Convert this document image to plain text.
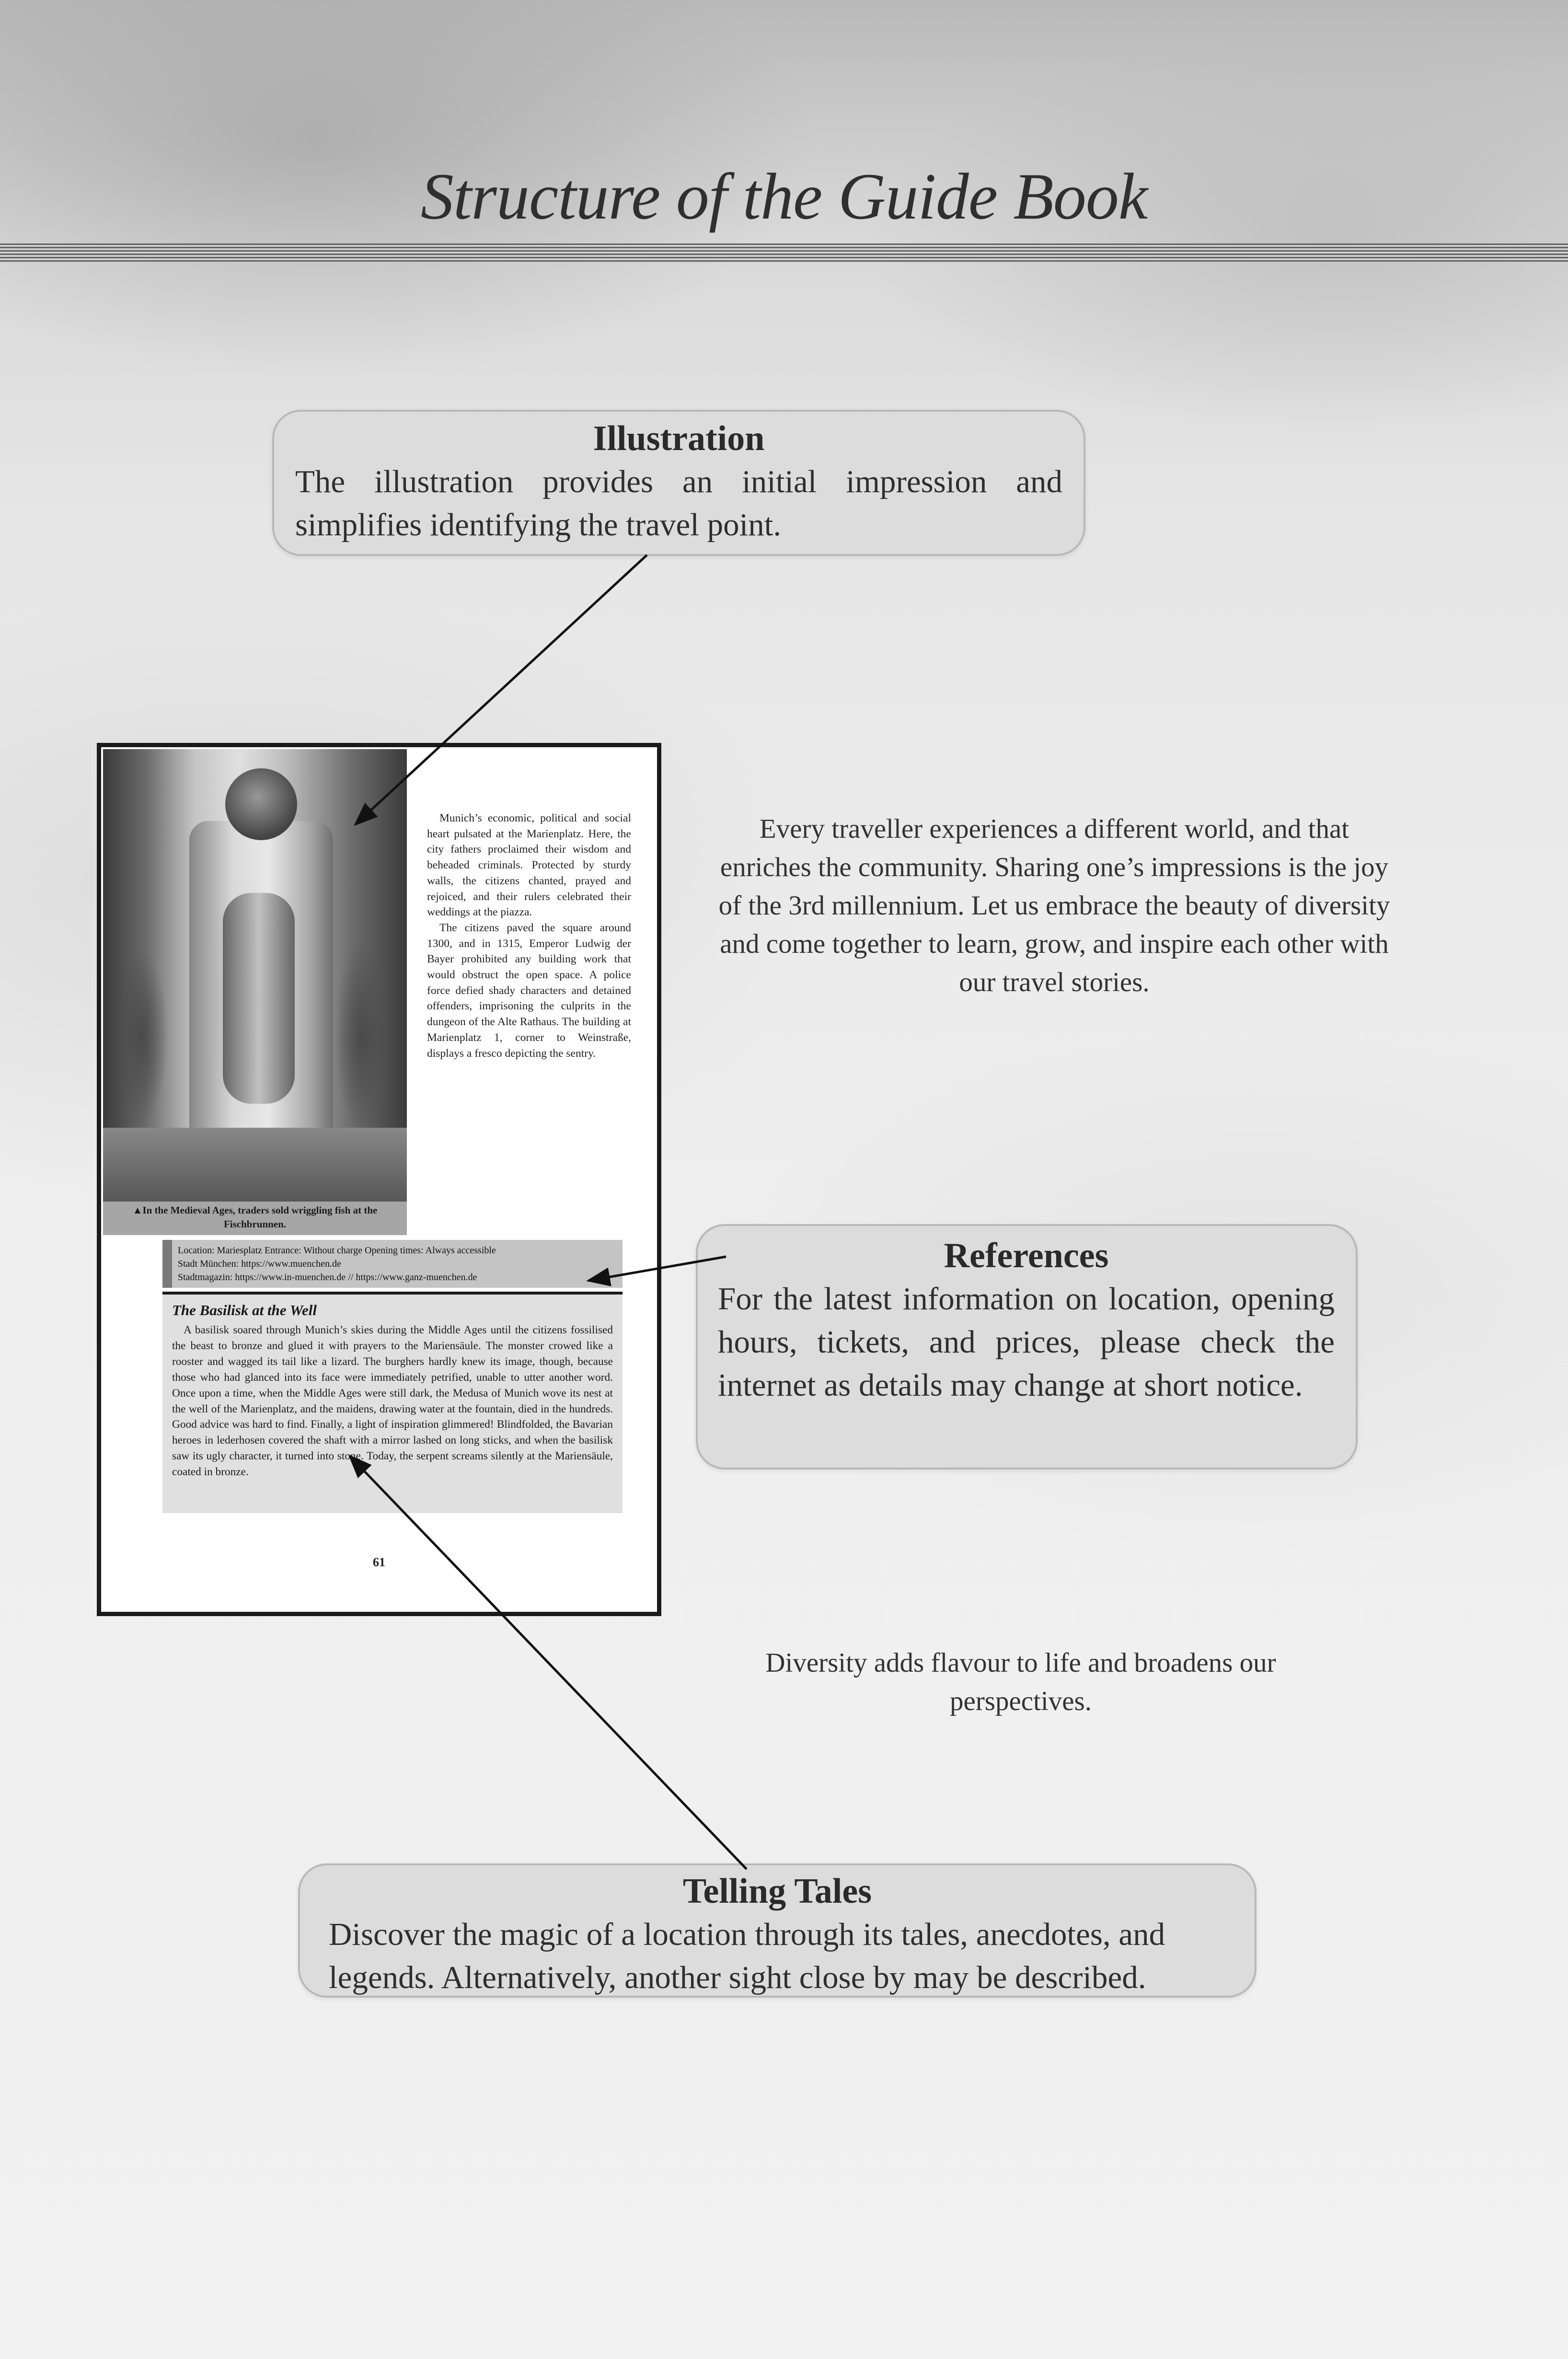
Structure of the Guide Book
Illustration

The illustration provides an initial impression and simplifies identifying the travel point.

Every traveller experiences a different world, and that enriches the community. Sharing one’s impressions is the joy of the 3rd millennium. Let us embrace the beauty of diversity and come together to learn, grow, and inspire each other with our travel stories.
▲In the Medieval Ages, traders sold wriggling fish at the Fischbrunnen.

Munich’s economic, political and social heart pulsated at the Marienplatz. Here, the city fathers proclaimed their wisdom and beheaded criminals. Protected by sturdy walls, the citizens chanted, prayed and rejoiced, and their rulers celebrated their weddings at the piazza.

The citizens paved the square around 1300, and in 1315, Emperor Ludwig der Bayer prohibited any building work that would obstruct the open space. A police force defied shady characters and detained offenders, imprisoning the culprits in the dungeon of the Alte Rathaus. The building at Marienplatz 1, corner to Weinstraße, displays a fresco depicting the sentry.

Location: Mariesplatz Entrance: Without charge Opening times: Always accessible
Stadt München: https://www.muenchen.de
Stadtmagazin: https://www.in-muenchen.de // https://www.ganz-muenchen.de
The Basilisk at the Well

A basilisk soared through Munich’s skies during the Middle Ages until the citizens fossilised the beast to bronze and glued it with prayers to the Mariensäule. The monster crowed like a rooster and wagged its tail like a lizard. The burghers hardly knew its image, though, because those who had glanced into its face were immediately petrified, unable to utter another word. Once upon a time, when the Middle Ages were still dark, the Medusa of Munich wove its nest at the well of the Marienplatz, and the maidens, drawing water at the fountain, died in the hundreds. Good advice was hard to find. Finally, a light of inspiration glimmered! Blindfolded, the Bavarian heroes in lederhosen covered the shaft with a mirror lashed on long sticks, and when the basilisk saw its ugly character, it turned into stone. Today, the serpent screams silently at the Mariensäule, coated in bronze.

61
References

For the latest information on location, opening hours, tickets, and prices, please check the internet as details may change at short notice.

Diversity adds flavour to life and broadens our perspectives.
Telling Tales

Discover the magic of a location through its tales, anecdotes, and legends. Alternatively, another sight close by may be described.
